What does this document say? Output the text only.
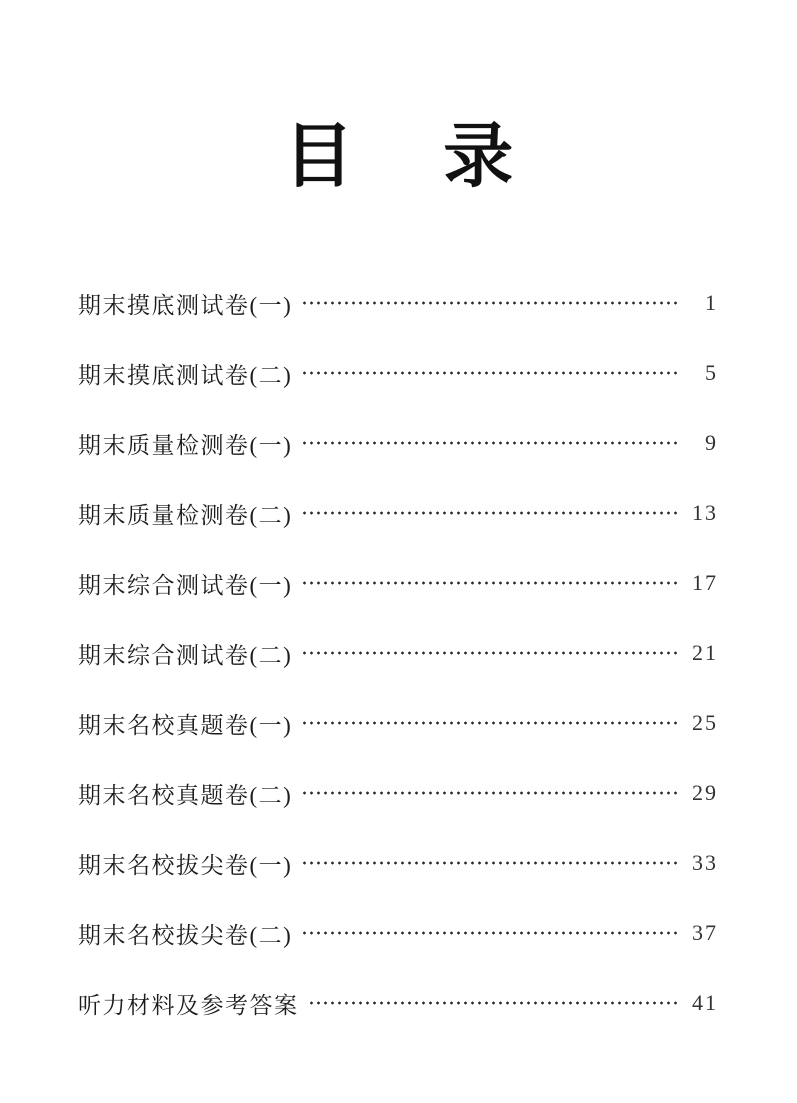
目　录
期末摸底测试卷(一)	1
期末摸底测试卷(二)	5
期末质量检测卷(一)	9
期末质量检测卷(二)	13
期末综合测试卷(一)	17
期末综合测试卷(二)	21
期末名校真题卷(一)	25
期末名校真题卷(二)	29
期末名校拔尖卷(一)	33
期末名校拔尖卷(二)	37
听力材料及参考答案	41
